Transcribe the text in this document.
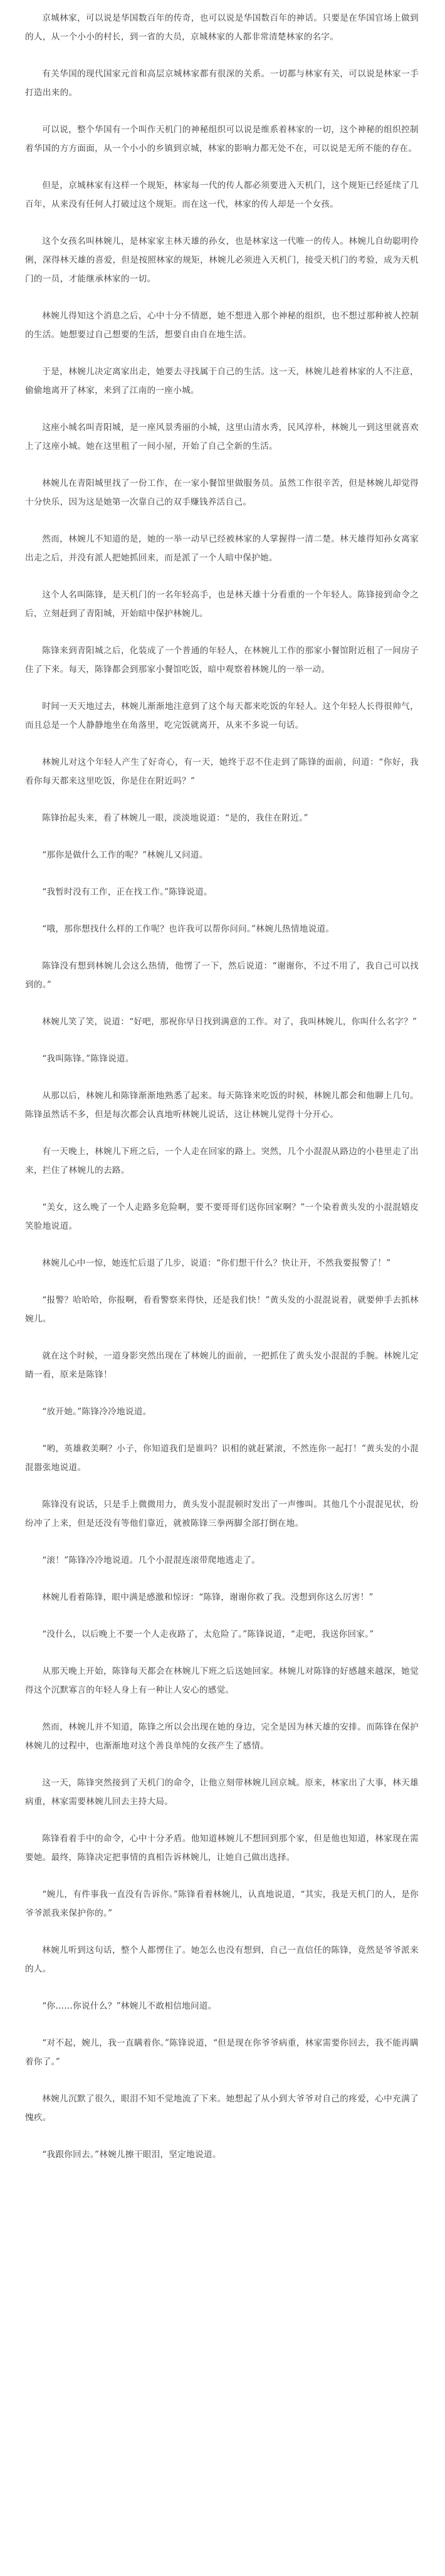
京城林家，可以说是华国数百年的传奇，也可以说是华国数百年的神话。只要是在华国官场上做到的人，从一个小小的村长，到一省的大员，京城林家的人都非常清楚林家的名字。

有关华国的现代国家元首和高层京城林家都有很深的关系。一切都与林家有关，可以说是林家一手打造出来的。

可以说，整个华国有一个叫作天机门的神秘组织可以说是维系着林家的一切，这个神秘的组织控制着华国的方方面面，从一个小小的乡镇到京城，林家的影响力都无处不在，可以说是无所不能的存在。

但是，京城林家有这样一个规矩，林家每一代的传人都必须要进入天机门，这个规矩已经延续了几百年，从来没有任何人打破过这个规矩。而在这一代，林家的传人却是一个女孩。

这个女孩名叫林婉儿，是林家家主林天雄的孙女，也是林家这一代唯一的传人。林婉儿自幼聪明伶俐，深得林天雄的喜爱，但是按照林家的规矩，林婉儿必须进入天机门，接受天机门的考验，成为天机门的一员，才能继承林家的一切。

林婉儿得知这个消息之后，心中十分不情愿，她不想进入那个神秘的组织，也不想过那种被人控制的生活。她想要过自己想要的生活，想要自由自在地生活。

于是，林婉儿决定离家出走，她要去寻找属于自己的生活。这一天，林婉儿趁着林家的人不注意，偷偷地离开了林家，来到了江南的一座小城。

这座小城名叫青阳城，是一座风景秀丽的小城，这里山清水秀，民风淳朴，林婉儿一到这里就喜欢上了这座小城。她在这里租了一间小屋，开始了自己全新的生活。

林婉儿在青阳城里找了一份工作，在一家小餐馆里做服务员。虽然工作很辛苦，但是林婉儿却觉得十分快乐，因为这是她第一次靠自己的双手赚钱养活自己。

然而，林婉儿不知道的是，她的一举一动早已经被林家的人掌握得一清二楚。林天雄得知孙女离家出走之后，并没有派人把她抓回来，而是派了一个人暗中保护她。

这个人名叫陈锋，是天机门的一名年轻高手，也是林天雄十分看重的一个年轻人。陈锋接到命令之后，立刻赶到了青阳城，开始暗中保护林婉儿。

陈锋来到青阳城之后，化装成了一个普通的年轻人，在林婉儿工作的那家小餐馆附近租了一间房子住了下来。每天，陈锋都会到那家小餐馆吃饭，暗中观察着林婉儿的一举一动。

时间一天天地过去，林婉儿渐渐地注意到了这个每天都来吃饭的年轻人。这个年轻人长得很帅气，而且总是一个人静静地坐在角落里，吃完饭就离开，从来不多说一句话。

林婉儿对这个年轻人产生了好奇心，有一天，她终于忍不住走到了陈锋的面前，问道：“你好，我看你每天都来这里吃饭，你是住在附近吗？”

陈锋抬起头来，看了林婉儿一眼，淡淡地说道：“是的，我住在附近。”

“那你是做什么工作的呢？”林婉儿又问道。

“我暂时没有工作，正在找工作。”陈锋说道。

“哦，那你想找什么样的工作呢？也许我可以帮你问问。”林婉儿热情地说道。

陈锋没有想到林婉儿会这么热情，他愣了一下，然后说道：“谢谢你，不过不用了，我自己可以找到的。”

林婉儿笑了笑，说道：“好吧，那祝你早日找到满意的工作。对了，我叫林婉儿，你叫什么名字？”

“我叫陈锋。”陈锋说道。

从那以后，林婉儿和陈锋渐渐地熟悉了起来。每天陈锋来吃饭的时候，林婉儿都会和他聊上几句。陈锋虽然话不多，但是每次都会认真地听林婉儿说话，这让林婉儿觉得十分开心。

有一天晚上，林婉儿下班之后，一个人走在回家的路上。突然，几个小混混从路边的小巷里走了出来，拦住了林婉儿的去路。

“美女，这么晚了一个人走路多危险啊，要不要哥哥们送你回家啊？”一个染着黄头发的小混混嬉皮笑脸地说道。

林婉儿心中一惊，她连忙后退了几步，说道：“你们想干什么？快让开，不然我要报警了！”

“报警？哈哈哈，你报啊，看看警察来得快，还是我们快！”黄头发的小混混说着，就要伸手去抓林婉儿。

就在这个时候，一道身影突然出现在了林婉儿的面前，一把抓住了黄头发小混混的手腕。林婉儿定睛一看，原来是陈锋！

“放开她。”陈锋冷冷地说道。

“哟，英雄救美啊？小子，你知道我们是谁吗？识相的就赶紧滚，不然连你一起打！”黄头发的小混混嚣张地说道。

陈锋没有说话，只是手上微微用力，黄头发小混混顿时发出了一声惨叫。其他几个小混混见状，纷纷冲了上来，但是还没有等他们靠近，就被陈锋三拳两脚全部打倒在地。

“滚！”陈锋冷冷地说道。几个小混混连滚带爬地逃走了。

林婉儿看着陈锋，眼中满是感激和惊讶：“陈锋，谢谢你救了我。没想到你这么厉害！”

“没什么，以后晚上不要一个人走夜路了，太危险了。”陈锋说道，“走吧，我送你回家。”

从那天晚上开始，陈锋每天都会在林婉儿下班之后送她回家。林婉儿对陈锋的好感越来越深，她觉得这个沉默寡言的年轻人身上有一种让人安心的感觉。

然而，林婉儿并不知道，陈锋之所以会出现在她的身边，完全是因为林天雄的安排。而陈锋在保护林婉儿的过程中，也渐渐地对这个善良单纯的女孩产生了感情。

这一天，陈锋突然接到了天机门的命令，让他立刻带林婉儿回京城。原来，林家出了大事，林天雄病重，林家需要林婉儿回去主持大局。

陈锋看着手中的命令，心中十分矛盾。他知道林婉儿不想回到那个家，但是他也知道，林家现在需要她。最终，陈锋决定把事情的真相告诉林婉儿，让她自己做出选择。

“婉儿，有件事我一直没有告诉你。”陈锋看着林婉儿，认真地说道，“其实，我是天机门的人，是你爷爷派我来保护你的。”

林婉儿听到这句话，整个人都愣住了。她怎么也没有想到，自己一直信任的陈锋，竟然是爷爷派来的人。

“你……你说什么？”林婉儿不敢相信地问道。

“对不起，婉儿，我一直瞒着你。”陈锋说道，“但是现在你爷爷病重，林家需要你回去，我不能再瞒着你了。”

林婉儿沉默了很久，眼泪不知不觉地流了下来。她想起了从小到大爷爷对自己的疼爱，心中充满了愧疚。

“我跟你回去。”林婉儿擦干眼泪，坚定地说道。
